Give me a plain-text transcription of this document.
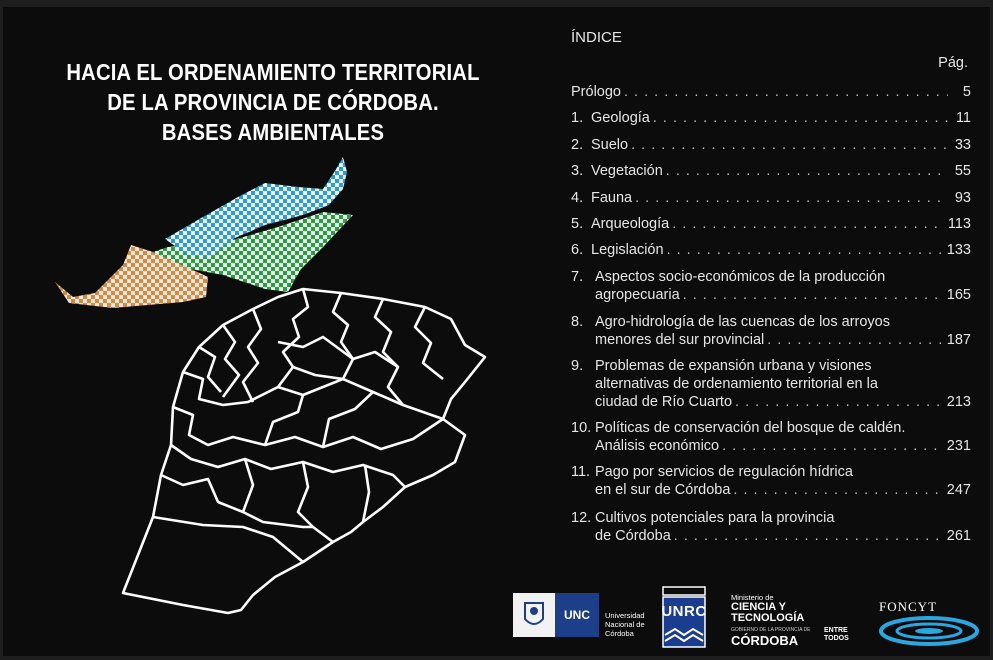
HACIA EL ORDENAMIENTO TERRITORIAL
DE LA PROVINCIA DE CÓRDOBA.
BASES AMBIENTALES
ÍNDICE
Pág.
Prólogo . . .	5
1. Geología . . .	11
2. Suelo . . .	33
3. Vegetación . . .	55
4. Fauna . . .	93
5. Arqueología . . .	113
6. Legislación . . .	133
7. Aspectos socio-económicos de la producción
agropecuaria . . .	165
8. Agro-hidrología de las cuencas de los arroyos
menores del sur provincial . . .	187
9. Problemas de expansión urbana y visiones
alternativas de ordenamiento territorial en la
ciudad de Río Cuarto . . .	213
10. Políticas de conservación del bosque de caldén.
Análisis económico . . .	231
11. Pago por servicios de regulación hídrica
en el sur de Córdoba . . .	247
12. Cultivos potenciales para la provincia
de Córdoba . . .	261
UNC	Universidad Nacional de Córdoba
UNRC
Ministerio de
CIENCIA Y TECNOLOGÍA
GOBIERNO DE LA PROVINCIA DE
CÓRDOBA
ENTRE TODOS
FONCYT
